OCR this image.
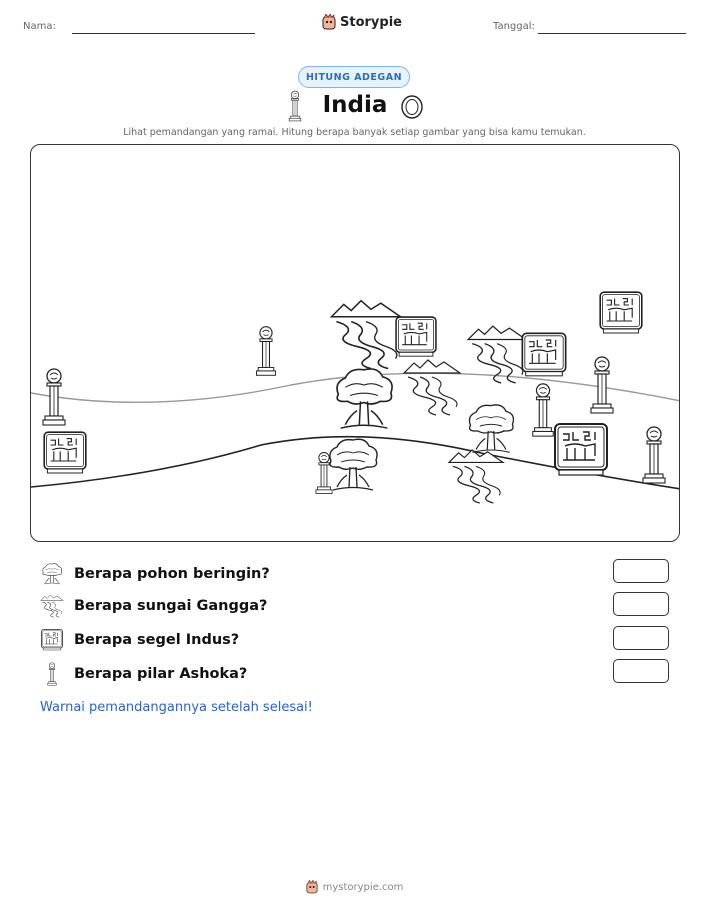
Nama:	Storypie	Tanggal:
HITUNG ADEGAN
India
Lihat pemandangan yang ramai. Hitung berapa banyak setiap gambar yang bisa kamu temukan.
Berapa pohon beringin?
Berapa sungai Gangga?
Berapa segel Indus?
Berapa pilar Ashoka?
Warnai pemandangannya setelah selesai!
mystorypie.com
